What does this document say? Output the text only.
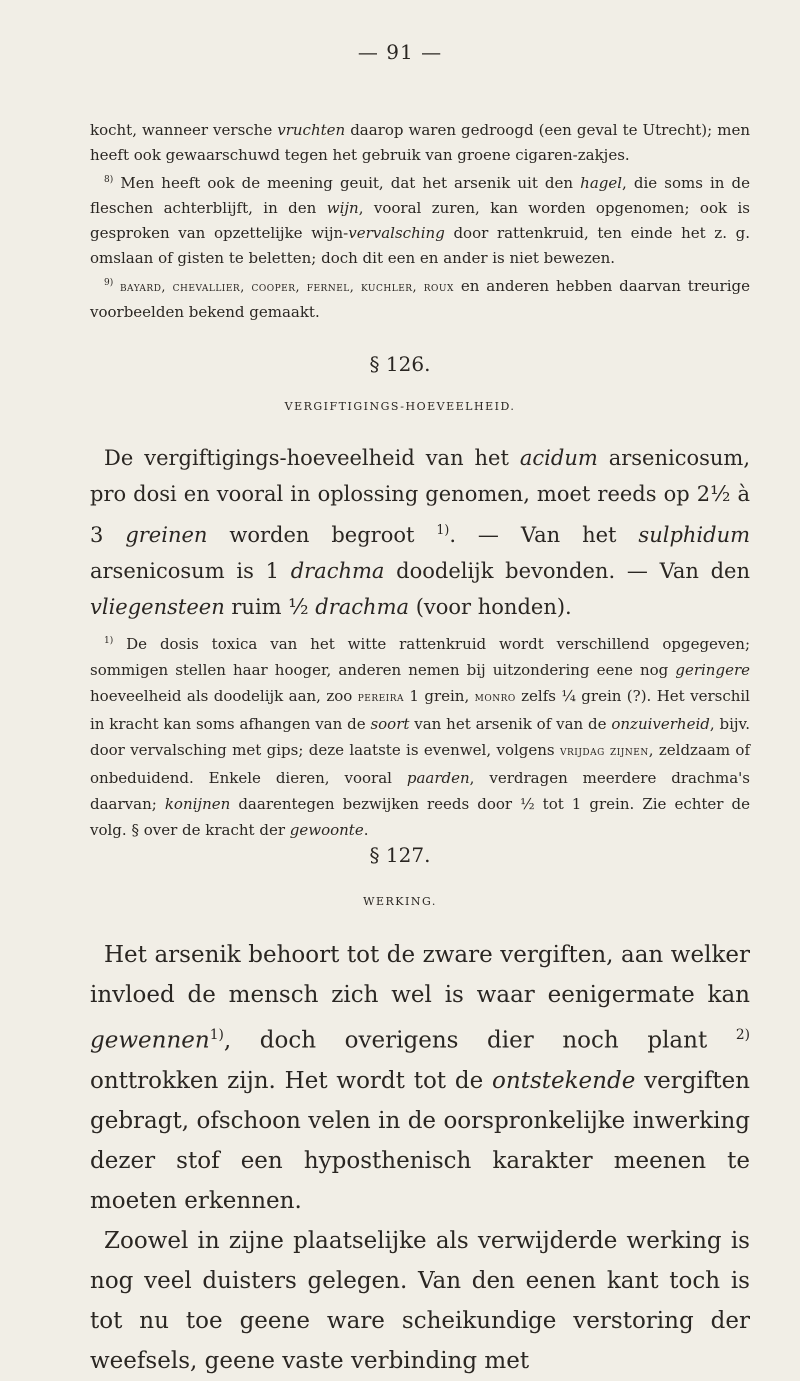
— 91 —

kocht, wanneer versche vruchten daarop waren gedroogd (een geval te Utrecht); men heeft ook gewaarschuwd tegen het gebruik van groene cigaren-zakjes.

$^{8)}$ Men heeft ook de meening geuit, dat het arsenik uit den hagel, die soms in de fleschen achterblijft, in den wijn, vooral zuren, kan worden opgenomen; ook is gesproken van opzettelijke wijn-vervalsching door rattenkruid, ten einde het z. g. omslaan of gisten te beletten; doch dit een en ander is niet bewezen.

$^{9)}$ bayard, chevallier, cooper, fernel, kuchler, roux en anderen hebben daarvan treurige voorbeelden bekend gemaakt.

§ 126.
VERGIFTIGINGS-HOEVEELHEID.

De vergiftigings-hoeveelheid van het acidum arsenicosum, pro dosi en vooral in oplossing genomen, moet reeds op 2½ à 3 greinen worden begroot $^{1)}$. — Van het sulphidum arsenicosum is 1 drachma doodelijk bevonden. — Van den vliegensteen ruim ½ drachma (voor honden).

$^{1)}$ De dosis toxica van het witte rattenkruid wordt verschillend opgegeven; sommigen stellen haar hooger, anderen nemen bij uitzondering eene nog geringere hoeveelheid als doodelijk aan, zoo pereira 1 grein, monro zelfs ¼ grein (?). Het verschil in kracht kan soms afhangen van de soort van het arsenik of van de onzuiverheid, bijv. door vervalsching met gips; deze laatste is evenwel, volgens vrijdag zijnen, zeldzaam of onbeduidend. Enkele dieren, vooral paarden, verdragen meerdere drachma's daarvan; konijnen daarentegen bezwijken reeds door ½ tot 1 grein. Zie echter de volg. § over de kracht der gewoonte.

§ 127.
WERKING.

Het arsenik behoort tot de zware vergiften, aan welker invloed de mensch zich wel is waar eenigermate kan gewennen$^{1)}$, doch overigens dier noch plant $^{2)}$ onttrokken zijn. Het wordt tot de ontstekende vergiften gebragt, ofschoon velen in de oorspronkelijke inwerking dezer stof een hyposthenisch karakter meenen te moeten erkennen.

Zoowel in zijne plaatselijke als verwijderde werking is nog veel duisters gelegen. Van den eenen kant toch is tot nu toe geene ware scheikundige verstoring der weefsels, geene vaste verbinding met
